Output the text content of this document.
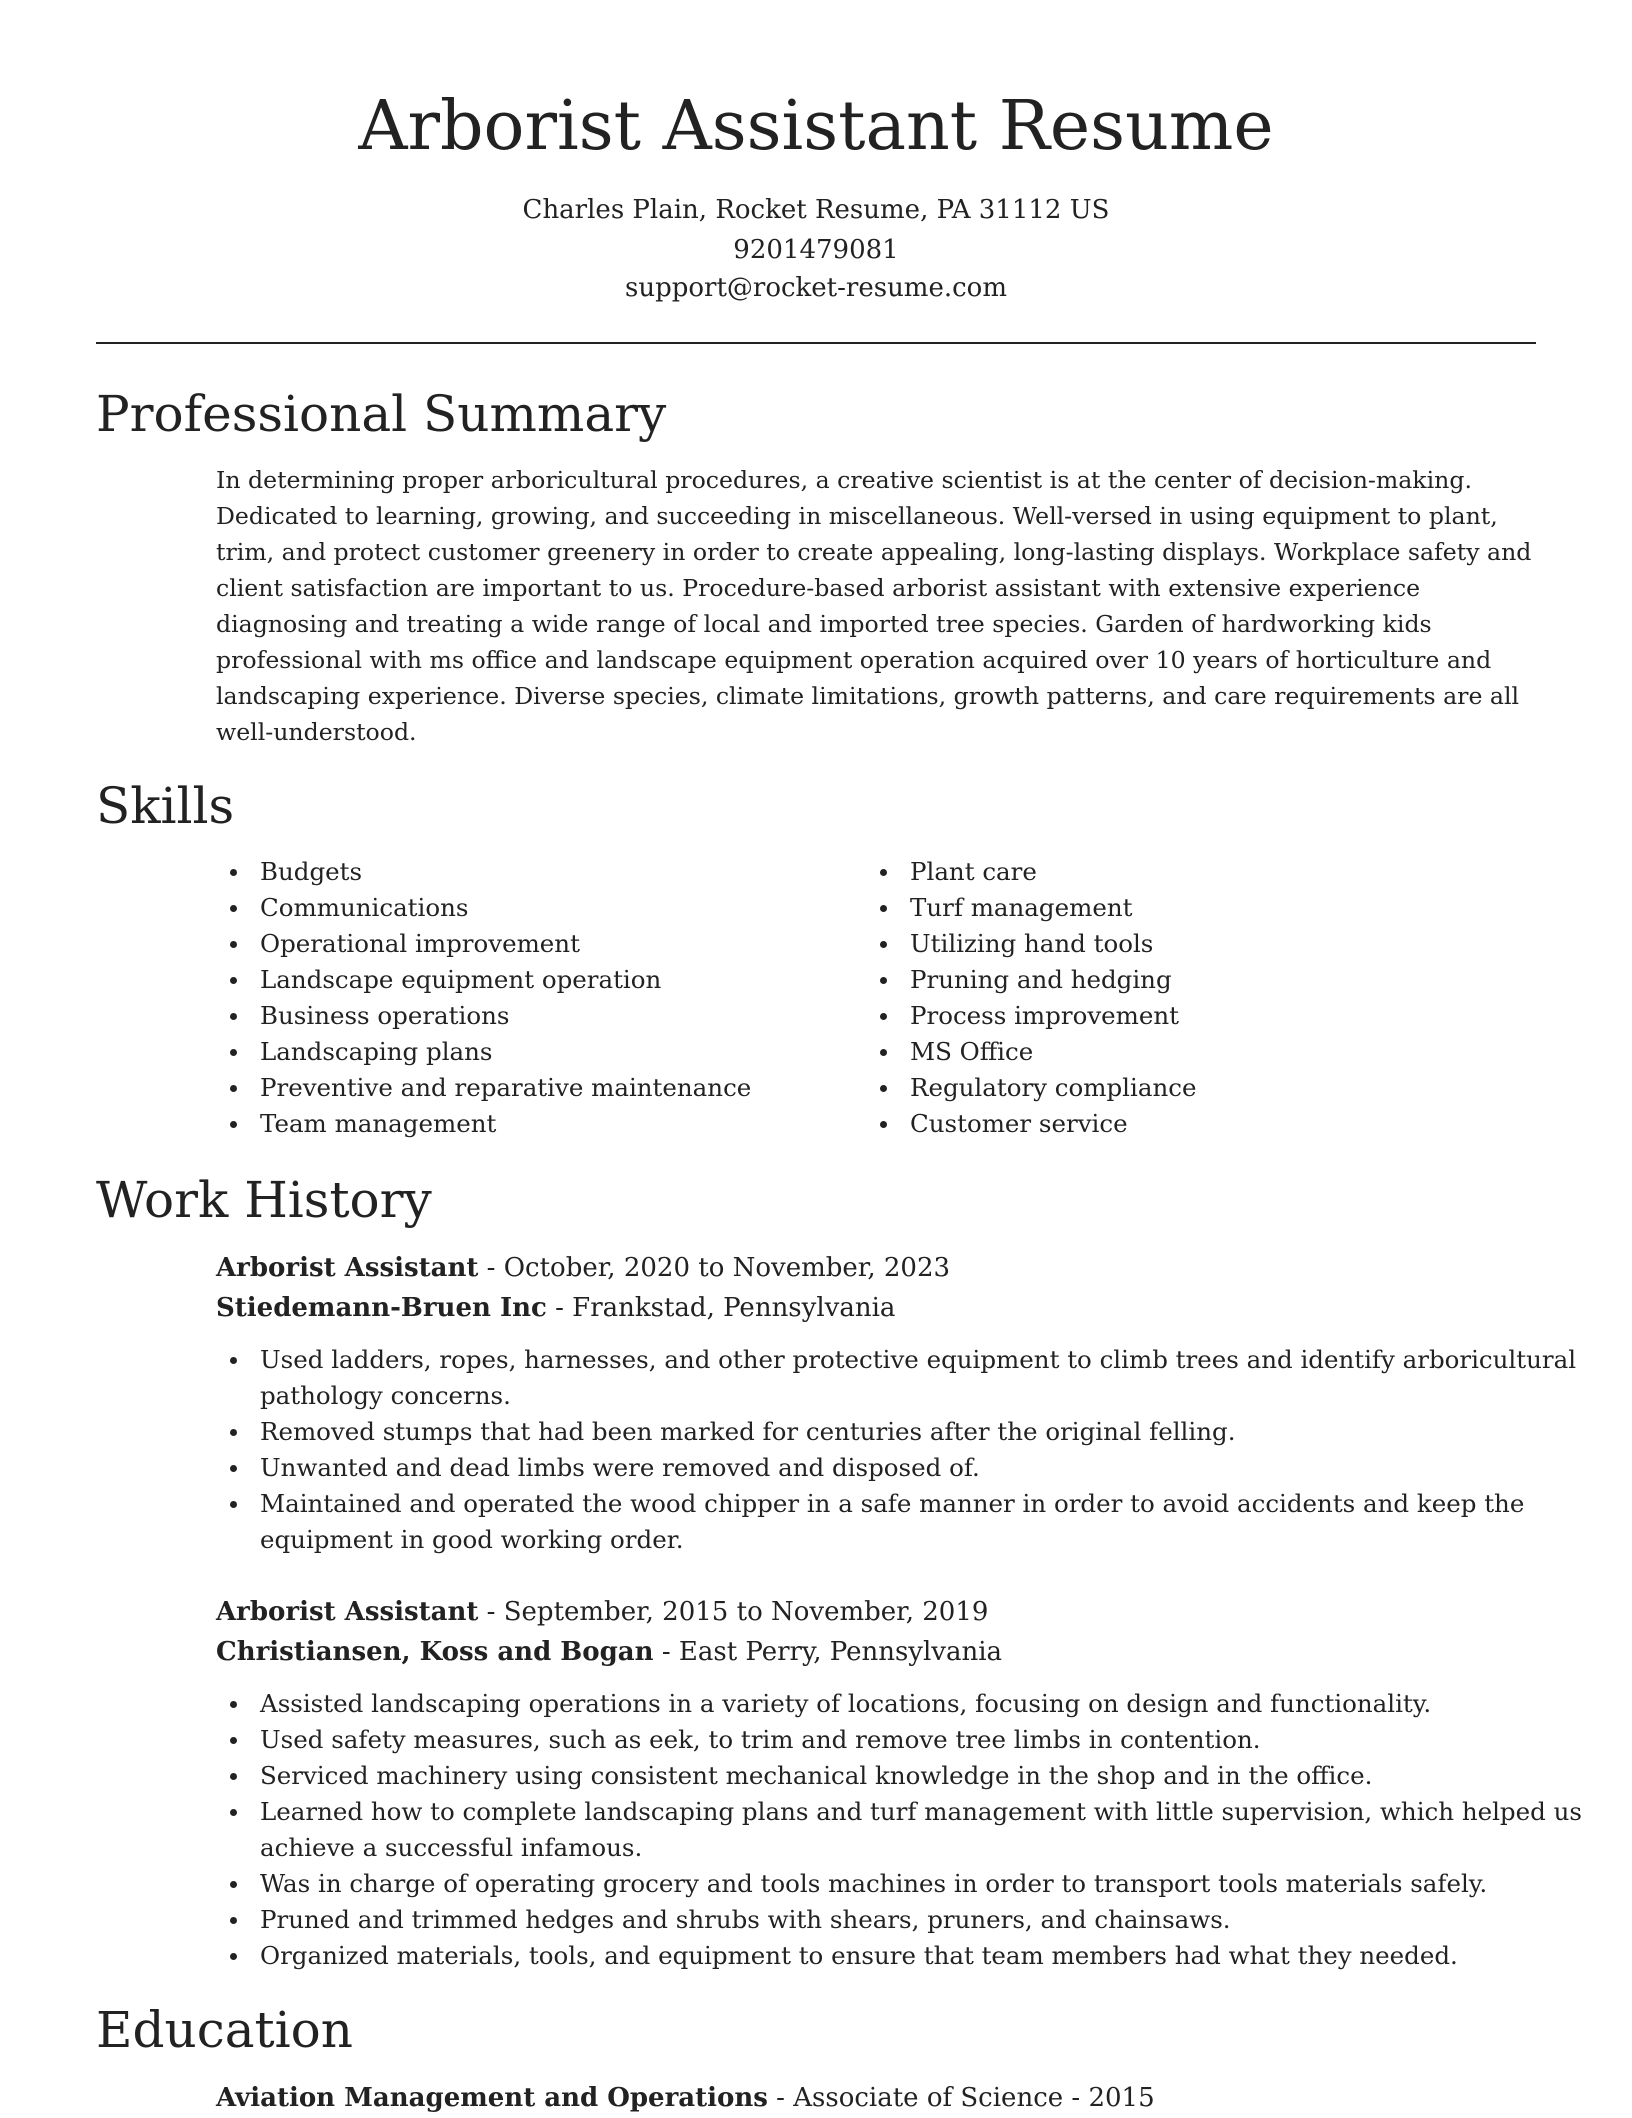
Arborist Assistant Resume
Charles Plain, Rocket Resume, PA 31112 US
9201479081
support@rocket-resume.com
Professional Summary
In determining proper arboricultural procedures, a creative scientist is at the center of decision-making.
Dedicated to learning, growing, and succeeding in miscellaneous. Well-versed in using equipment to plant,
trim, and protect customer greenery in order to create appealing, long-lasting displays. Workplace safety and
client satisfaction are important to us. Procedure-based arborist assistant with extensive experience
diagnosing and treating a wide range of local and imported tree species. Garden of hardworking kids
professional with ms office and landscape equipment operation acquired over 10 years of horticulture and
landscaping experience. Diverse species, climate limitations, growth patterns, and care requirements are all
well-understood.
Skills
Budgets
Communications
Operational improvement
Landscape equipment operation
Business operations
Landscaping plans
Preventive and reparative maintenance
Team management
Plant care
Turf management
Utilizing hand tools
Pruning and hedging
Process improvement
MS Office
Regulatory compliance
Customer service
Work History
Arborist Assistant - October, 2020 to November, 2023
Stiedemann-Bruen Inc - Frankstad, Pennsylvania
Used ladders, ropes, harnesses, and other protective equipment to climb trees and identify arboricultural
pathology concerns.
Removed stumps that had been marked for centuries after the original felling.
Unwanted and dead limbs were removed and disposed of.
Maintained and operated the wood chipper in a safe manner in order to avoid accidents and keep the
equipment in good working order.
Arborist Assistant - September, 2015 to November, 2019
Christiansen, Koss and Bogan - East Perry, Pennsylvania
Assisted landscaping operations in a variety of locations, focusing on design and functionality.
Used safety measures, such as eek, to trim and remove tree limbs in contention.
Serviced machinery using consistent mechanical knowledge in the shop and in the office.
Learned how to complete landscaping plans and turf management with little supervision, which helped us
achieve a successful infamous.
Was in charge of operating grocery and tools machines in order to transport tools materials safely.
Pruned and trimmed hedges and shrubs with shears, pruners, and chainsaws.
Organized materials, tools, and equipment to ensure that team members had what they needed.
Education
Aviation Management and Operations - Associate of Science - 2015
